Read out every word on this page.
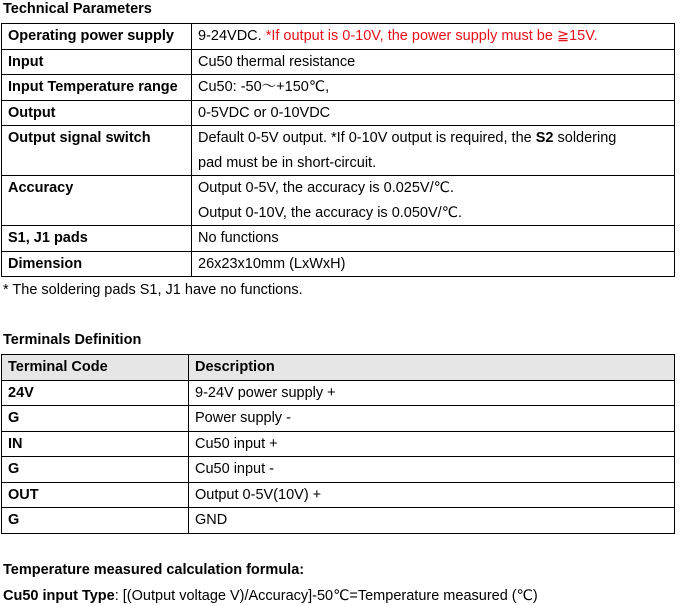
Technical Parameters
Operating power supply	9-24VDC. *If output is 0-10V, the power supply must be ≧15V.
Input	Cu50 thermal resistance
Input Temperature range	Cu50: -50～+150℃,
Output	0-5VDC or 0-10VDC
Output signal switch	Default 0-5V output. *If 0-10V output is required, the S2 soldering
pad must be in short-circuit.
Accuracy	Output 0-5V, the accuracy is 0.025V/℃.
Output 0-10V, the accuracy is 0.050V/℃.
S1, J1 pads	No functions
Dimension	26x23x10mm (LxWxH)
* The soldering pads S1, J1 have no functions.
Terminals Definition
Terminal Code	Description
24V	9-24V power supply +
G	Power supply -
IN	Cu50 input +
G	Cu50 input -
OUT	Output 0-5V(10V) +
G	GND
Temperature measured calculation formula:
Cu50 input Type: [(Output voltage V)/Accuracy]-50℃=Temperature measured (℃)
